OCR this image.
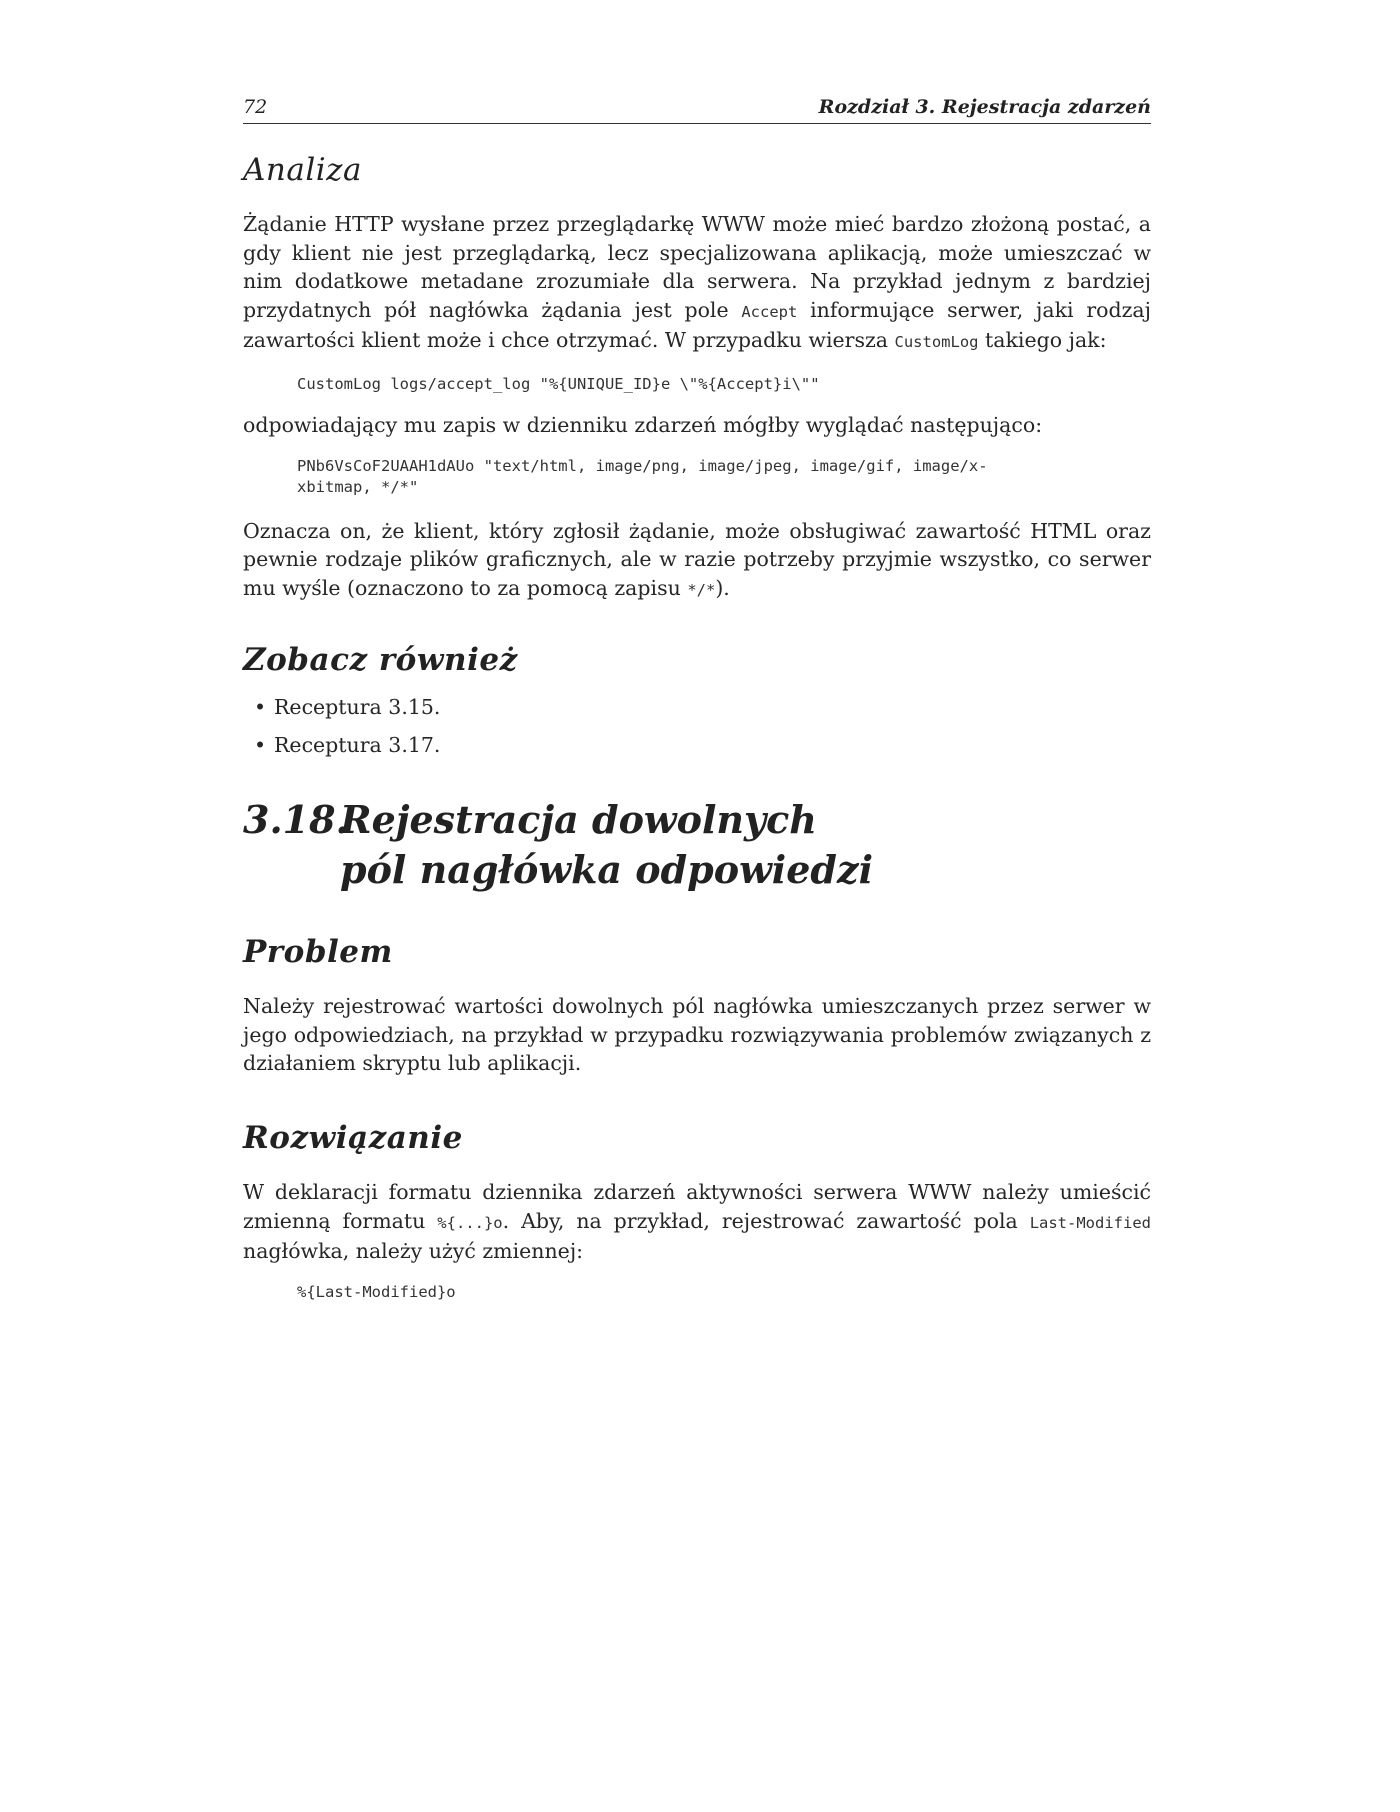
72	Rozdział 3. Rejestracja zdarzeń
Analiza

Żądanie HTTP wysłane przez przeglądarkę WWW może mieć bardzo złożoną postać, a gdy klient nie jest przeglądarką, lecz specjalizowana aplikacją, może umieszczać w nim dodatkowe metadane zrozumiałe dla serwera. Na przykład jednym z bardziej przydatnych pół nagłówka żądania jest pole Accept informujące serwer, jaki rodzaj zawartości klient może i chce otrzymać. W przypadku wiersza CustomLog takiego jak:

CustomLog logs/accept_log "%{UNIQUE_ID}e \"%{Accept}i\""

odpowiadający mu zapis w dzienniku zdarzeń mógłby wyglądać następująco:

PNb6VsCoF2UAAH1dAUo "text/html, image/png, image/jpeg, image/gif, image/x-
xbitmap, */*"

Oznacza on, że klient, który zgłosił żądanie, może obsługiwać zawartość HTML oraz pewnie rodzaje plików graficznych, ale w razie potrzeby przyjmie wszystko, co serwer mu wyśle (oznaczono to za pomocą zapisu */*).

Zobacz również
• Receptura 3.15.
• Receptura 3.17.
3.18.
Rejestracja dowolnych
pól nagłówka odpowiedzi
Problem

Należy rejestrować wartości dowolnych pól nagłówka umieszczanych przez serwer w jego odpowiedziach, na przykład w przypadku rozwiązywania problemów związanych z działaniem skryptu lub aplikacji.

Rozwiązanie

W deklaracji formatu dziennika zdarzeń aktywności serwera WWW należy umieścić zmienną formatu %{...}o. Aby, na przykład, rejestrować zawartość pola Last-Modified nagłówka, należy użyć zmiennej:

%{Last-Modified}o
